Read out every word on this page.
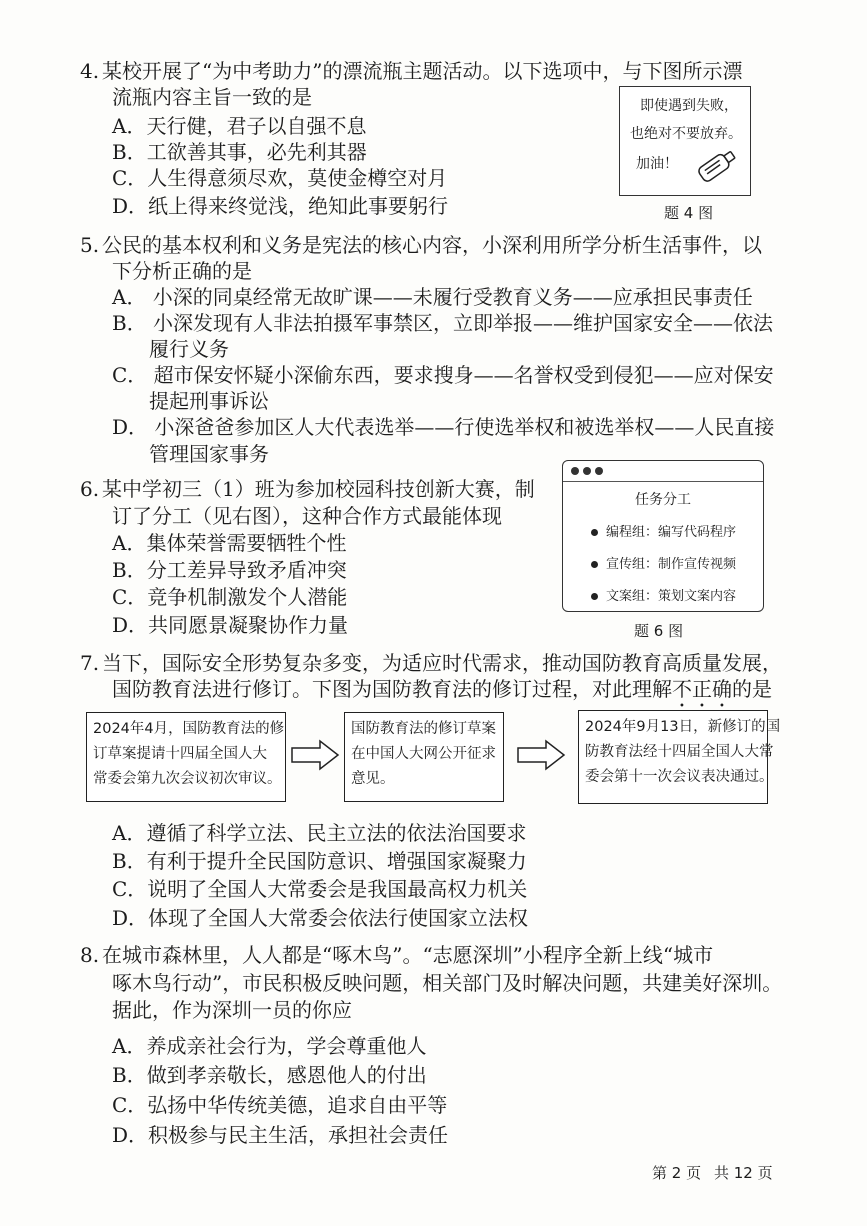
4. 某校开展了“为中考助力”的漂流瓶主题活动。以下选项中，与下图所示漂
流瓶内容主旨一致的是
A．天行健，君子以自强不息
B．工欲善其事，必先利其器
C．人生得意须尽欢，莫使金樽空对月
D．纸上得来终觉浅，绝知此事要躬行
即使遇到失败，
也绝对不要放弃。
加油！
题 4 图
5. 公民的基本权利和义务是宪法的核心内容，小深利用所学分析生活事件，以
下分析正确的是
A． 小深的同桌经常无故旷课——未履行受教育义务——应承担民事责任
B． 小深发现有人非法拍摄军事禁区，立即举报——维护国家安全——依法
履行义务
C． 超市保安怀疑小深偷东西，要求搜身——名誉权受到侵犯——应对保安
提起刑事诉讼
D． 小深爸爸参加区人大代表选举——行使选举权和被选举权——人民直接
管理国家事务
6. 某中学初三（1）班为参加校园科技创新大赛，制
订了分工（见右图），这种合作方式最能体现
A．集体荣誉需要牺牲个性
B．分工差异导致矛盾冲突
C．竞争机制激发个人潜能
D．共同愿景凝聚协作力量
任务分工
编程组：编写代码程序
宣传组：制作宣传视频
文案组：策划文案内容
题 6 图
7. 当下，国际安全形势复杂多变，为适应时代需求，推动国防教育高质量发展，
国防教育法进行修订。下图为国防教育法的修订过程，对此理解不正确的是
2024年4月，国防教育法的修
订草案提请十四届全国人大
常委会第九次会议初次审议。
国防教育法的修订草案
在中国人大网公开征求
意见。
2024年9月13日，新修订的国
防教育法经十四届全国人大常
委会第十一次会议表决通过。
A．遵循了科学立法、民主立法的依法治国要求
B．有利于提升全民国防意识、增强国家凝聚力
C．说明了全国人大常委会是我国最高权力机关
D．体现了全国人大常委会依法行使国家立法权
8. 在城市森林里，人人都是“啄木鸟”。“志愿深圳”小程序全新上线“城市
啄木鸟行动”，市民积极反映问题，相关部门及时解决问题，共建美好深圳。
据此，作为深圳一员的你应
A．养成亲社会行为，学会尊重他人
B．做到孝亲敬长，感恩他人的付出
C．弘扬中华传统美德，追求自由平等
D．积极参与民主生活，承担社会责任
第 2 页 共 12 页
